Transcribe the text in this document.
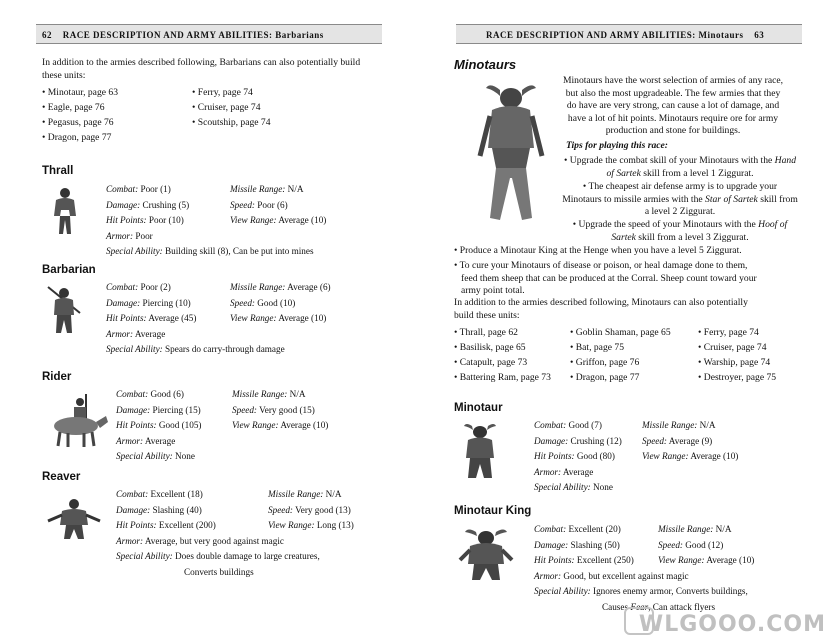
62 RACE DESCRIPTION AND ARMY ABILITIES: Barbarians
In addition to the armies described following, Barbarians can also potentially build these units:
• Minotaur, page 63
• Eagle, page 76
• Pegasus, page 76
• Dragon, page 77
• Ferry, page 74
• Cruiser, page 74
• Scoutship, page 74
Thrall
Combat: Poor (1)
Damage: Crushing (5)
Hit Points: Poor (10)
Armor: Poor
Special Ability: Building skill (8), Can be put into mines
Missile Range: N/A
Speed: Poor (6)
View Range: Average (10)
Barbarian
Combat: Poor (2)
Damage: Piercing (10)
Hit Points: Average (45)
Armor: Average
Special Ability: Spears do carry-through damage
Missile Range: Average (6)
Speed: Good (10)
View Range: Average (10)
Rider
Combat: Good (6)
Damage: Piercing (15)
Hit Points: Good (105)
Armor: Average
Special Ability: None
Missile Range: N/A
Speed: Very good (15)
View Range: Average (10)
Reaver
Combat: Excellent (18)
Damage: Slashing (40)
Hit Points: Excellent (200)
Armor: Average, but very good against magic
Special Ability: Does double damage to large creatures,
Converts buildings
Missile Range: N/A
Speed: Very good (13)
View Range: Long (13)
RACE DESCRIPTION AND ARMY ABILITIES: Minotaurs 63
Minotaurs
Minotaurs have the worst selection of armies of any race,
but also the most upgradeable. The few armies that they
do have are very strong, can cause a lot of damage, and
have a lot of hit points. Minotaurs require ore for army
production and stone for buildings.
Tips for playing this race:
• Upgrade the combat skill of your Minotaurs with the Hand of Sartek skill from a level 1 Ziggurat.
• The cheapest air defense army is to upgrade your Minotaurs to missile armies with the Star of Sartek skill from a level 2 Ziggurat.
• Upgrade the speed of your Minotaurs with the Hoof of Sartek skill from a level 3 Ziggurat.
• Produce a Minotaur King at the Henge when you have a level 5 Ziggurat.
• To cure your Minotaurs of disease or poison, or heal damage done to them,
feed them sheep that can be produced at the Corral. Sheep count toward your
army point total.
In addition to the armies described following, Minotaurs can also potentially
build these units:
• Thrall, page 62
• Basilisk, page 65
• Catapult, page 73
• Battering Ram, page 73
• Goblin Shaman, page 65
• Bat, page 75
• Griffon, page 76
• Dragon, page 77
• Ferry, page 74
• Cruiser, page 74
• Warship, page 74
• Destroyer, page 75
Minotaur
Combat: Good (7)
Damage: Crushing (12)
Hit Points: Good (80)
Armor: Average
Special Ability: None
Missile Range: N/A
Speed: Average (9)
View Range: Average (10)
Minotaur King
Combat: Excellent (20)
Damage: Slashing (50)
Hit Points: Excellent (250)
Armor: Good, but excellent against magic
Special Ability: Ignores enemy armor, Converts buildings,
Causes Fear, Can attack flyers
Missile Range: N/A
Speed: Good (12)
View Range: Average (10)
WLGOOO.COM
